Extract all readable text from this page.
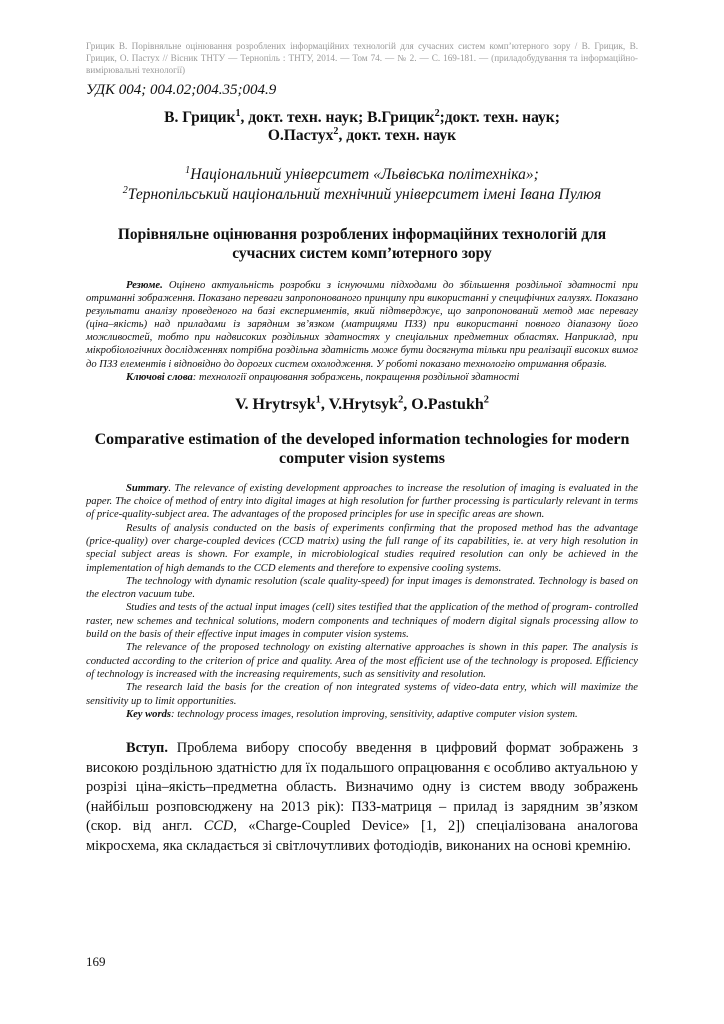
Грицик В. Порівняльне оцінювання розроблених інформаційних технологій для сучасних систем комп’ютерного зору / В. Грицик, В. Грицик, О. Пастух // Вісник ТНТУ — Тернопіль : ТНТУ, 2014. — Том 74. — № 2. — С. 169-181. — (приладобудування та інформаційно-вимірювальні технології)

УДК 004; 004.02;004.35;004.9

В. Грицик$^1$, докт. техн. наук; В.Грицик$^2$;докт. техн. наук;
О.Пастух$^2$, докт. техн. наук
$^1$Національний університет «Львівська політехніка»;
$^2$Тернопільський національний технічний університет імені Івана Пулюя
Порівняльне оцінювання розроблених інформаційних технологій для сучасних систем комп’ютерного зору

Резюме. Оцінено актуальність розробки з існуючими підходами до збільшення роздільної здатності при отриманні зображення. Показано переваги запропонованого принципу при використанні у специфічних галузях. Показано результати аналізу проведеного на базі експериментів, який підтверджує, що запропонований метод має перевагу (ціна–якість) над приладами із зарядним зв’язком (матрицями ПЗЗ) при використанні повного діапазону його можливостей, тобто при надвисоких роздільних здатностях у спеціальних предметних областях. Наприклад, при мікробіологічних дослідженнях потрібна роздільна здатність може бути досягнута тільки при реалізації високих вимог до ПЗЗ елементів і відповідно до дорогих систем охолодження. У роботі показано технологію отримання образів.

Ключові слова: технології опрацювання зображень, покращення роздільної здатності

V. Hrytrsyk$^1$, V.Hrytsyk$^2$, O.Pastukh$^2$
Comparative estimation of the developed information technologies for modern computer vision systems

Summary. The relevance of existing development approaches to increase the resolution of imaging is evaluated in the paper. The choice of method of entry into digital images at high resolution for further processing is particularly relevant in terms of price-quality-subject area. The advantages of the proposed principles for use in specific areas are shown.

Results of analysis conducted on the basis of experiments confirming that the proposed method has the advantage (price-quality) over charge-coupled devices (CCD matrix) using the full range of its capabilities, ie. at very high resolution in special subject areas is shown. For example, in microbiological studies required resolution can only be achieved in the implementation of high demands to the CCD elements and therefore to expensive cooling systems.

The technology with dynamic resolution (scale quality-speed) for input images is demonstrated. Technology is based on the electron vacuum tube.

Studies and tests of the actual input images (cell) sites testified that the application of the method of program- controlled raster, new schemes and technical solutions, modern components and techniques of modern digital signals processing allow to build on the basis of their effective input images in computer vision systems.

The relevance of the proposed technology on existing alternative approaches is shown in this paper. The analysis is conducted according to the criterion of price and quality. Area of the most efficient use of the technology is proposed. Efficiency of technology is increased with the increasing requirements, such as sensitivity and resolution.

The research laid the basis for the creation of non integrated systems of video-data entry, which will maximize the sensitivity up to limit opportunities.

Key words: technology process images, resolution improving, sensitivity, adaptive computer vision system.

Вступ. Проблема вибору способу введення в цифровий формат зображень з високою роздільною здатністю для їх подальшого опрацювання є особливо актуальною у розрізі ціна–якість–предметна область. Визначимо одну із систем вводу зображень (найбільш розповсюджену на 2013 рік): ПЗЗ-матриця – прилад із зарядним зв’язком (скор. від англ. CCD, «Charge-Coupled Device» [1, 2]) спеціалізована аналогова мікросхема, яка складається зі світлочутливих фотодіодів, виконаних на основі кремнію.

169
